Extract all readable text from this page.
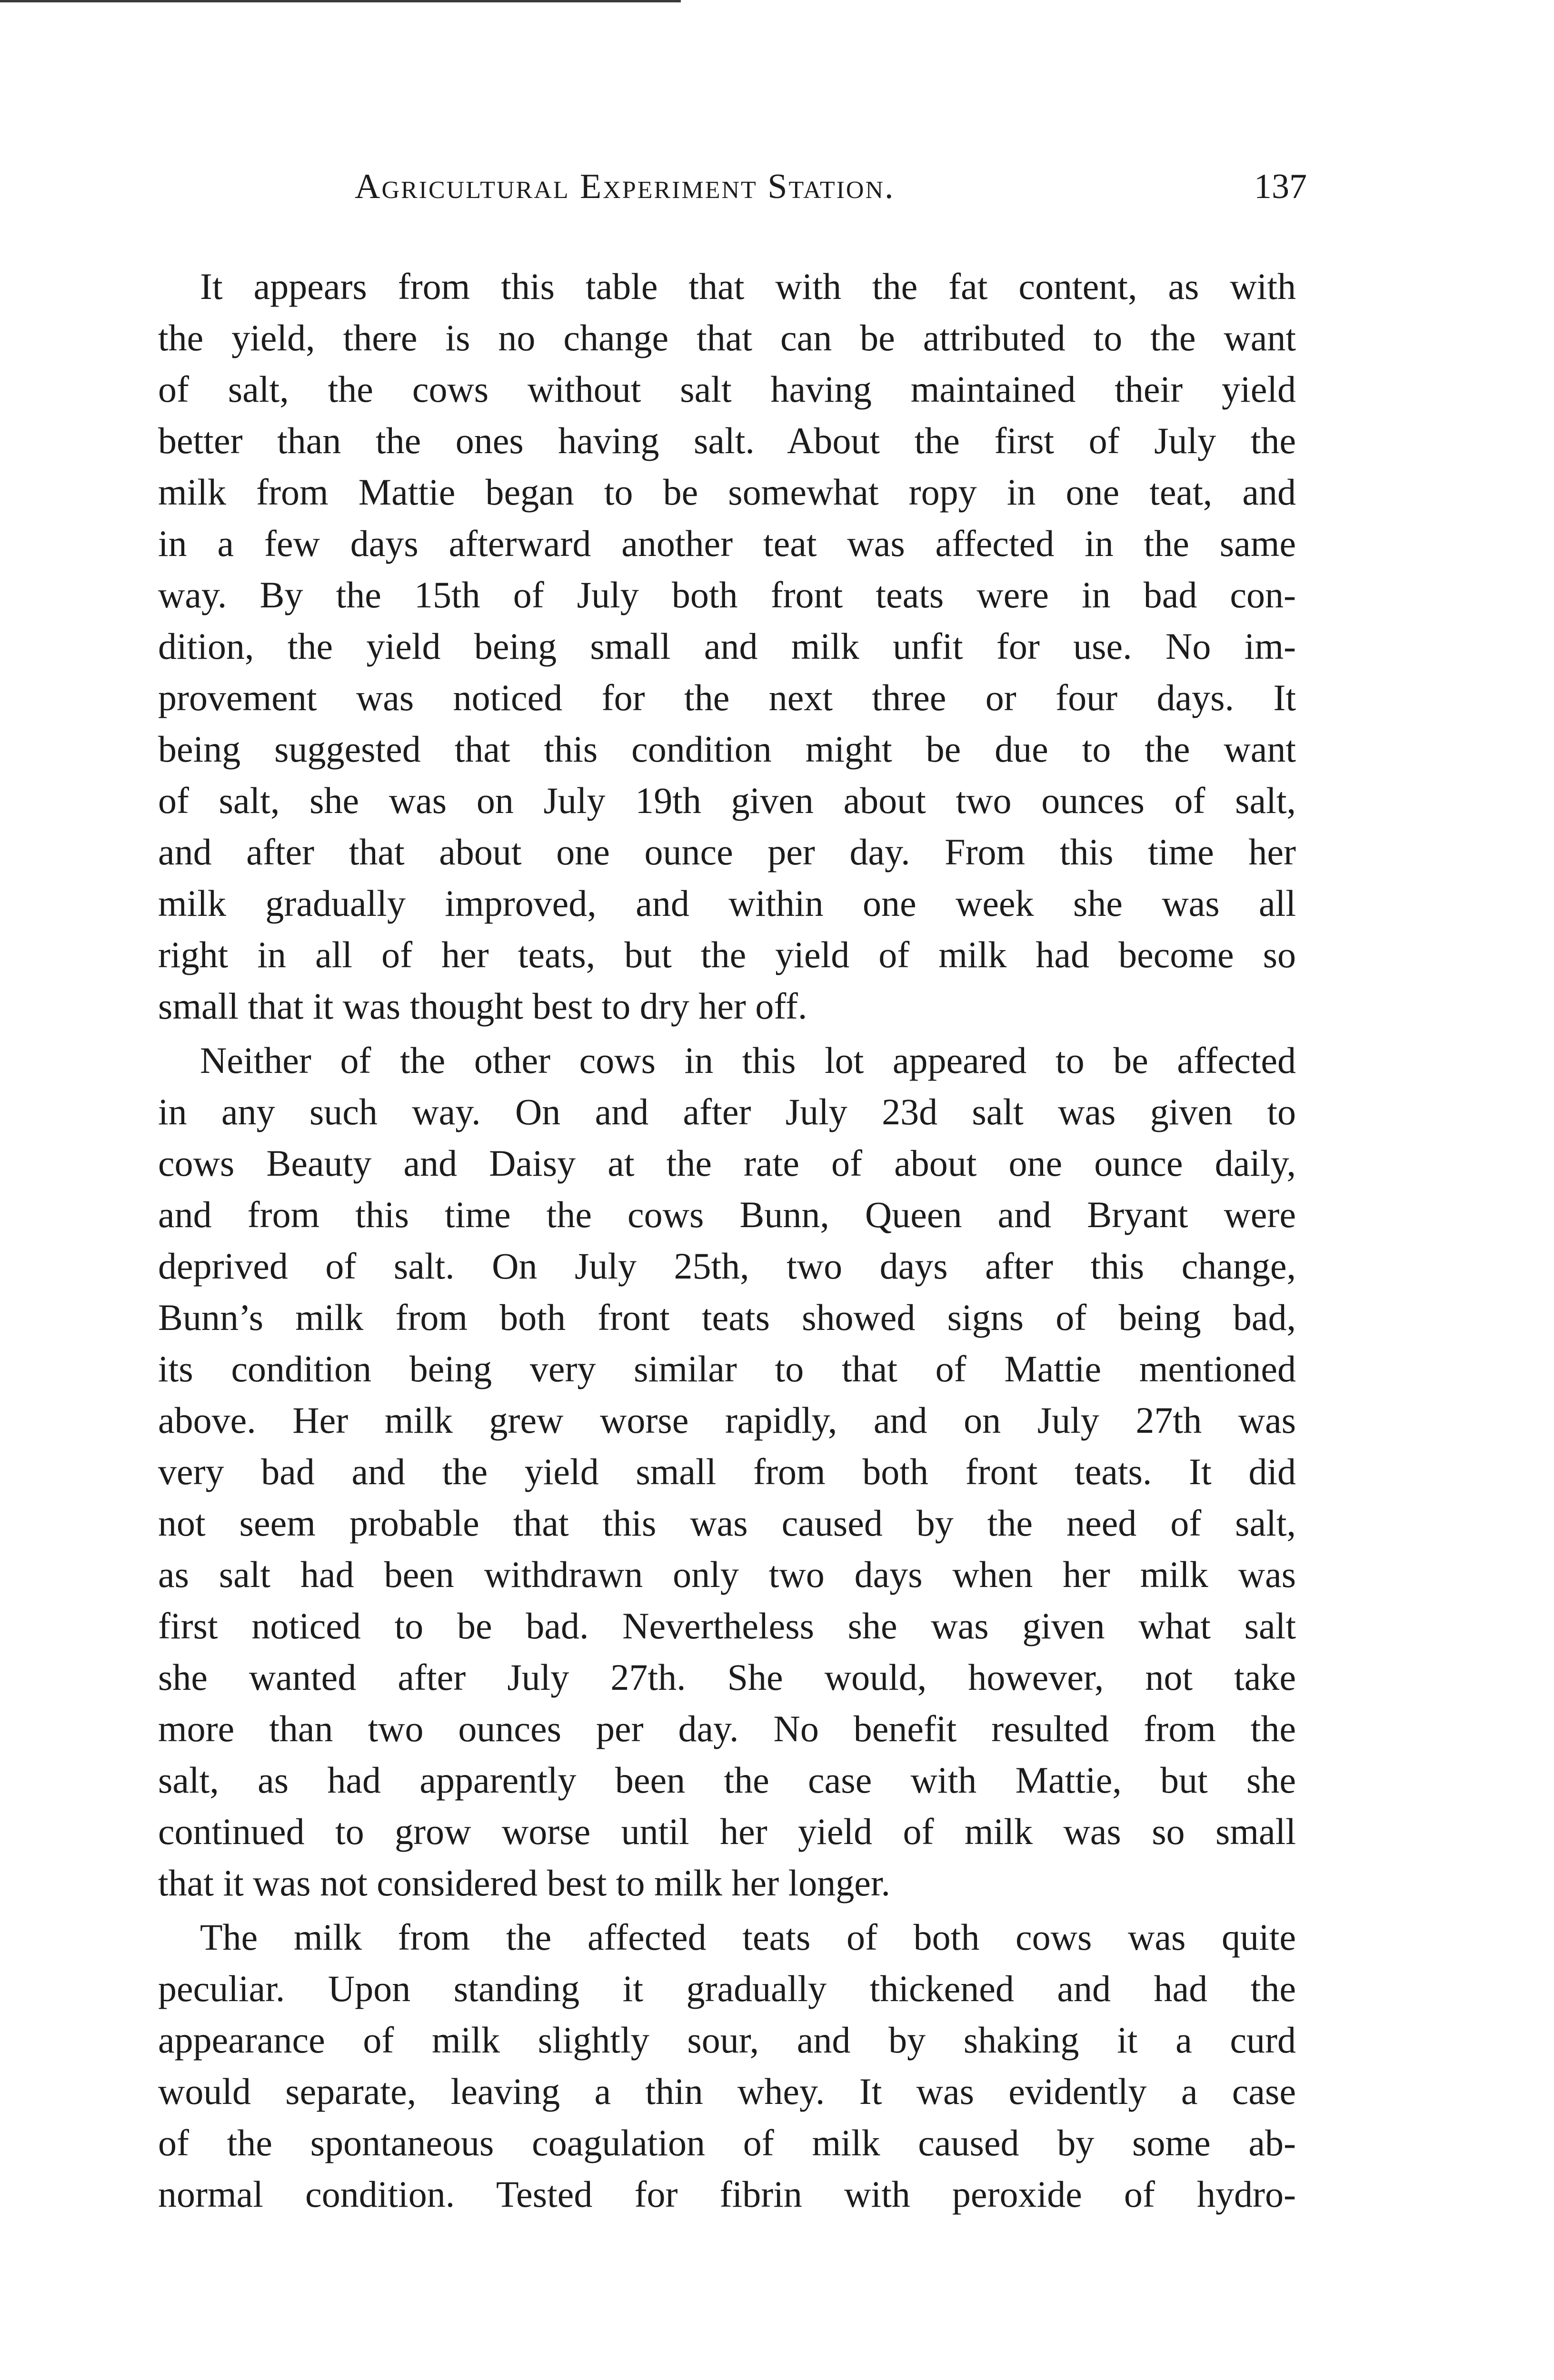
Agricultural Experiment Station.	137
It appears from this table that with the fat content, as with
the yield, there is no change that can be attributed to the want
of salt, the cows without salt having maintained their yield
better than the ones having salt. About the first of July the
milk from Mattie began to be somewhat ropy in one teat, and
in a few days afterward another teat was affected in the same
way. By the 15th of July both front teats were in bad con-
dition, the yield being small and milk unfit for use. No im-
provement was noticed for the next three or four days. It
being suggested that this condition might be due to the want
of salt, she was on July 19th given about two ounces of salt,
and after that about one ounce per day. From this time her
milk gradually improved, and within one week she was all
right in all of her teats, but the yield of milk had become so
small that it was thought best to dry her off.
Neither of the other cows in this lot appeared to be affected
in any such way. On and after July 23d salt was given to
cows Beauty and Daisy at the rate of about one ounce daily,
and from this time the cows Bunn, Queen and Bryant were
deprived of salt. On July 25th, two days after this change,
Bunn’s milk from both front teats showed signs of being bad,
its condition being very similar to that of Mattie mentioned
above. Her milk grew worse rapidly, and on July 27th was
very bad and the yield small from both front teats. It did
not seem probable that this was caused by the need of salt,
as salt had been withdrawn only two days when her milk was
first noticed to be bad. Nevertheless she was given what salt
she wanted after July 27th. She would, however, not take
more than two ounces per day. No benefit resulted from the
salt, as had apparently been the case with Mattie, but she
continued to grow worse until her yield of milk was so small
that it was not considered best to milk her longer.
The milk from the affected teats of both cows was quite
peculiar. Upon standing it gradually thickened and had the
appearance of milk slightly sour, and by shaking it a curd
would separate, leaving a thin whey. It was evidently a case
of the spontaneous coagulation of milk caused by some ab-
normal condition. Tested for fibrin with peroxide of hydro-
